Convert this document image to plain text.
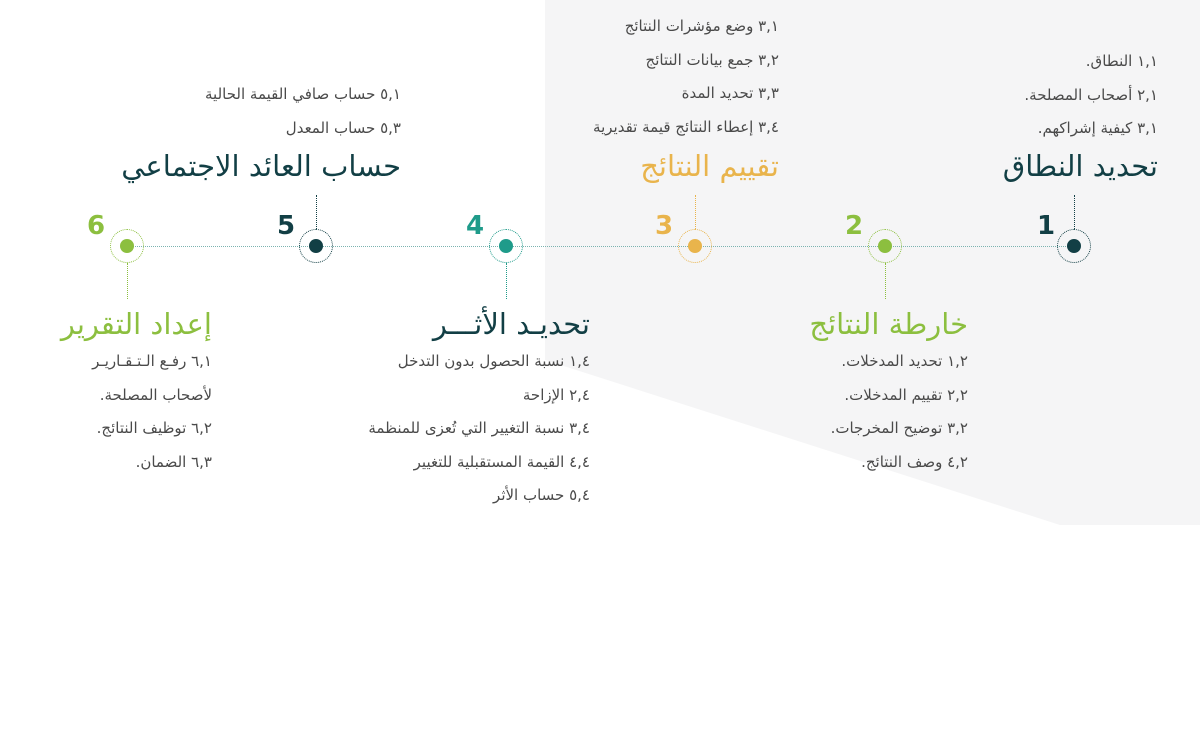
1
تحديد النطاق
١,١ النطاق.
٢,١ أصحاب المصلحة.
٣,١ كيفية إشراكهم.
2
خارطة النتائج
١,٢ تحديد المدخلات.
٢,٢ تقييم المدخلات.
٣,٢ توضيح المخرجات.
٤,٢ وصف النتائج.
3
تقييم النتائج
٣,١ وضع مؤشرات النتائج
٣,٢ جمع بيانات النتائج
٣,٣ تحديد المدة
٣,٤ إعطاء النتائج قيمة تقديرية
4
تحديـد الأثـــر
١,٤ نسبة الحصول بدون التدخل
٢,٤ الإزاحة
٣,٤ نسبة التغيير التي تُعزى للمنظمة
٤,٤ القيمة المستقبلية للتغيير
٥,٤ حساب الأثر
5
حساب العائد الاجتماعي
٥,١ حساب صافي القيمة الحالية
٥,٣ حساب المعدل
6
إعداد التقرير
٦,١ رفـع الـتـقـاريـر لأصحاب المصلحة.
٦,٢ توظيف النتائج.
٦,٣ الضمان.
